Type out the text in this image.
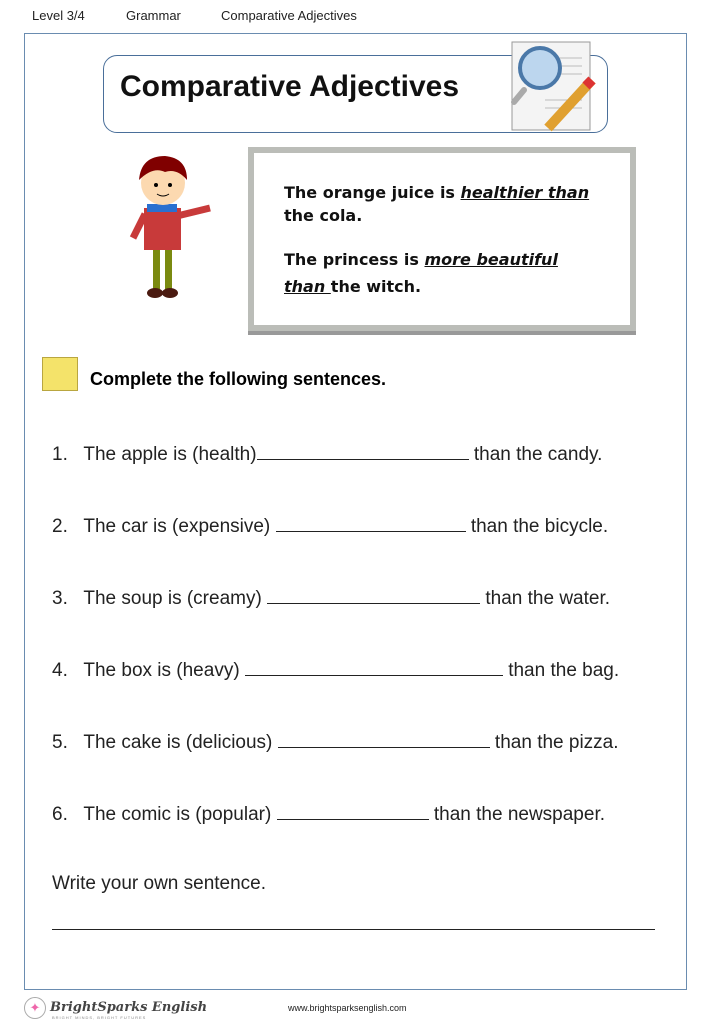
Level 3/4	Grammar	Comparative Adjectives
Comparative Adjectives

The orange juice is healthier than the cola.

The princess is more beautiful than the witch.

Complete the following sentences.
1. The apple is (health)	than the candy.
2. The car is (expensive)	than the bicycle.
3. The soup is (creamy)	than the water.
4. The box is (heavy)	than the bag.
5. The cake is (delicious)	than the pizza.
6. The comic is (popular)	than the newspaper.
Write your own sentence.
✦ BrightSparks English
BRIGHT MINDS, BRIGHT FUTURES
www.brightsparksenglish.com
